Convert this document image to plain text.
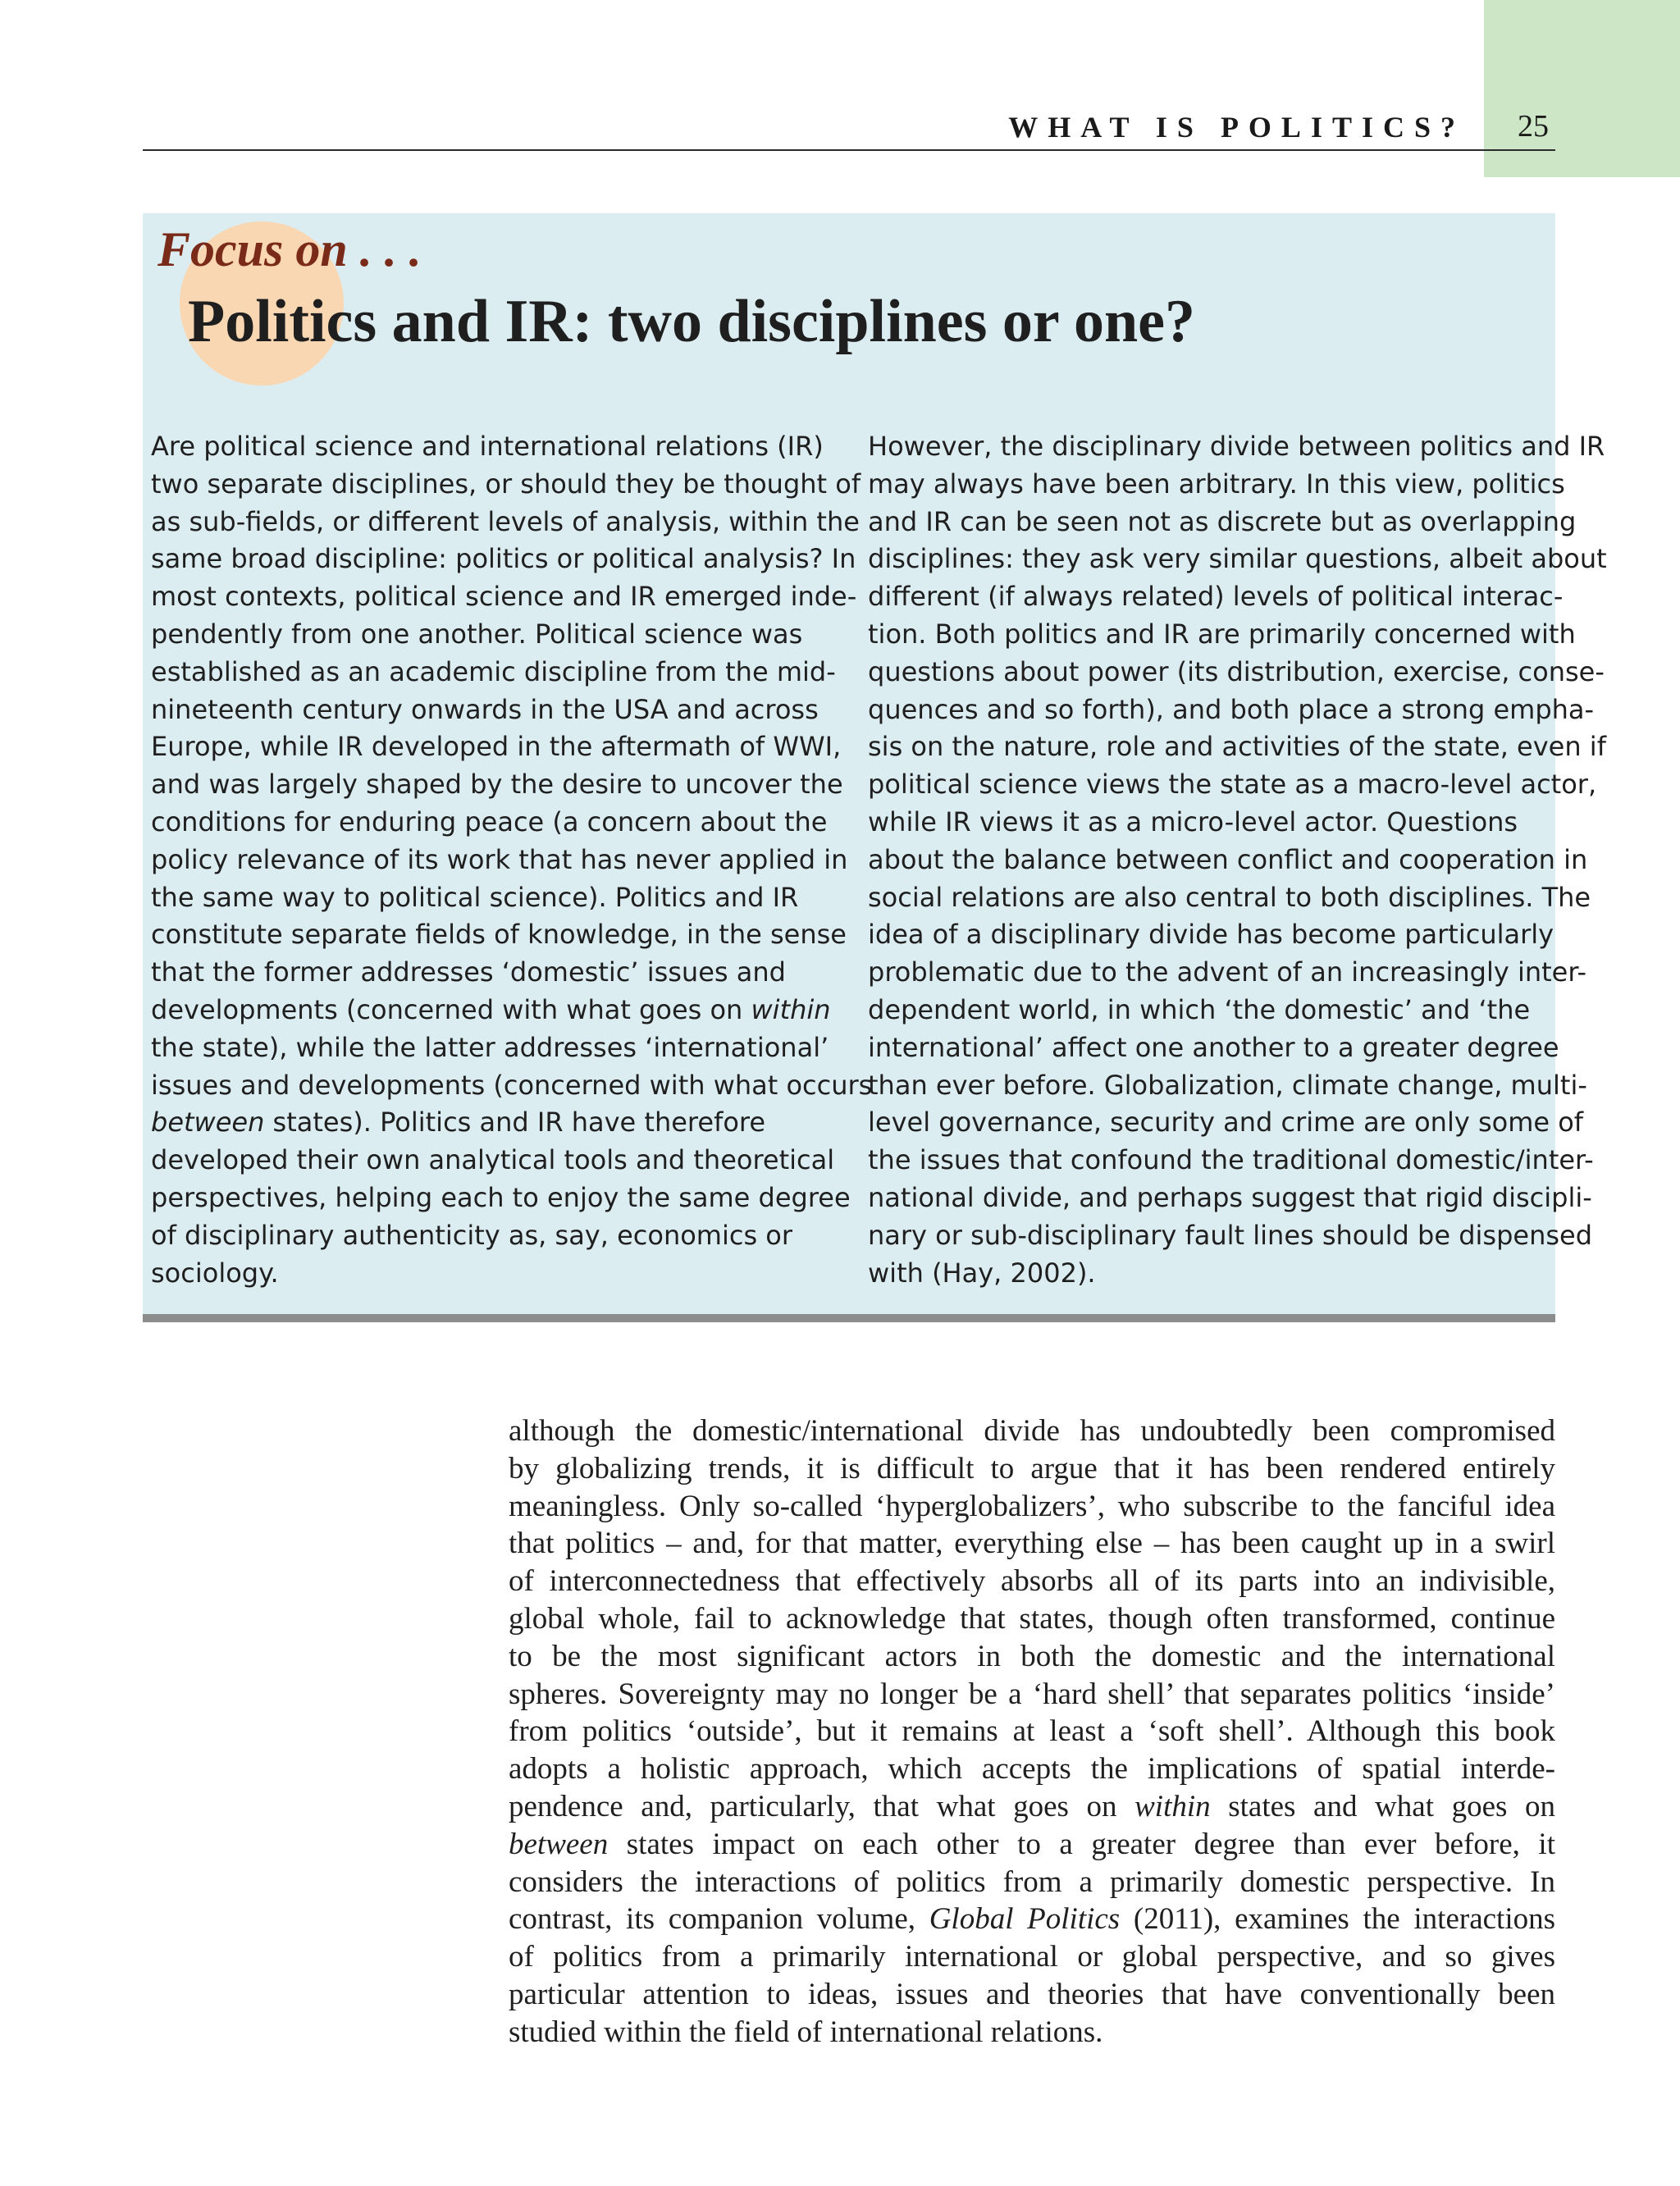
WHAT IS POLITICS? 25
Focus on . . .
Politics and IR: two disciplines or one?
Are political science and international relations (IR)
two separate disciplines, or should they be thought of
as sub-fields, or different levels of analysis, within the
same broad discipline: politics or political analysis? In
most contexts, political science and IR emerged inde-
pendently from one another. Political science was
established as an academic discipline from the mid-
nineteenth century onwards in the USA and across
Europe, while IR developed in the aftermath of WWI,
and was largely shaped by the desire to uncover the
conditions for enduring peace (a concern about the
policy relevance of its work that has never applied in
the same way to political science). Politics and IR
constitute separate fields of knowledge, in the sense
that the former addresses ‘domestic’ issues and
developments (concerned with what goes on within
the state), while the latter addresses ‘international’
issues and developments (concerned with what occurs
between states). Politics and IR have therefore
developed their own analytical tools and theoretical
perspectives, helping each to enjoy the same degree
of disciplinary authenticity as, say, economics or
sociology.
However, the disciplinary divide between politics and IR
may always have been arbitrary. In this view, politics
and IR can be seen not as discrete but as overlapping
disciplines: they ask very similar questions, albeit about
different (if always related) levels of political interac-
tion. Both politics and IR are primarily concerned with
questions about power (its distribution, exercise, conse-
quences and so forth), and both place a strong empha-
sis on the nature, role and activities of the state, even if
political science views the state as a macro-level actor,
while IR views it as a micro-level actor. Questions
about the balance between conflict and cooperation in
social relations are also central to both disciplines. The
idea of a disciplinary divide has become particularly
problematic due to the advent of an increasingly inter-
dependent world, in which ‘the domestic’ and ‘the
international’ affect one another to a greater degree
than ever before. Globalization, climate change, multi-
level governance, security and crime are only some of
the issues that confound the traditional domestic/inter-
national divide, and perhaps suggest that rigid discipli-
nary or sub-disciplinary fault lines should be dispensed
with (Hay, 2002).
although the domestic/international divide has undoubtedly been compromised
by globalizing trends, it is difficult to argue that it has been rendered entirely
meaningless. Only so-called ‘hyperglobalizers’, who subscribe to the fanciful idea
that politics – and, for that matter, everything else – has been caught up in a swirl
of interconnectedness that effectively absorbs all of its parts into an indivisible,
global whole, fail to acknowledge that states, though often transformed, continue
to be the most significant actors in both the domestic and the international
spheres. Sovereignty may no longer be a ‘hard shell’ that separates politics ‘inside’
from politics ‘outside’, but it remains at least a ‘soft shell’. Although this book
adopts a holistic approach, which accepts the implications of spatial interde-
pendence and, particularly, that what goes on within states and what goes on
between states impact on each other to a greater degree than ever before, it
considers the interactions of politics from a primarily domestic perspective. In
contrast, its companion volume, Global Politics (2011), examines the interactions
of politics from a primarily international or global perspective, and so gives
particular attention to ideas, issues and theories that have conventionally been
studied within the field of international relations.
